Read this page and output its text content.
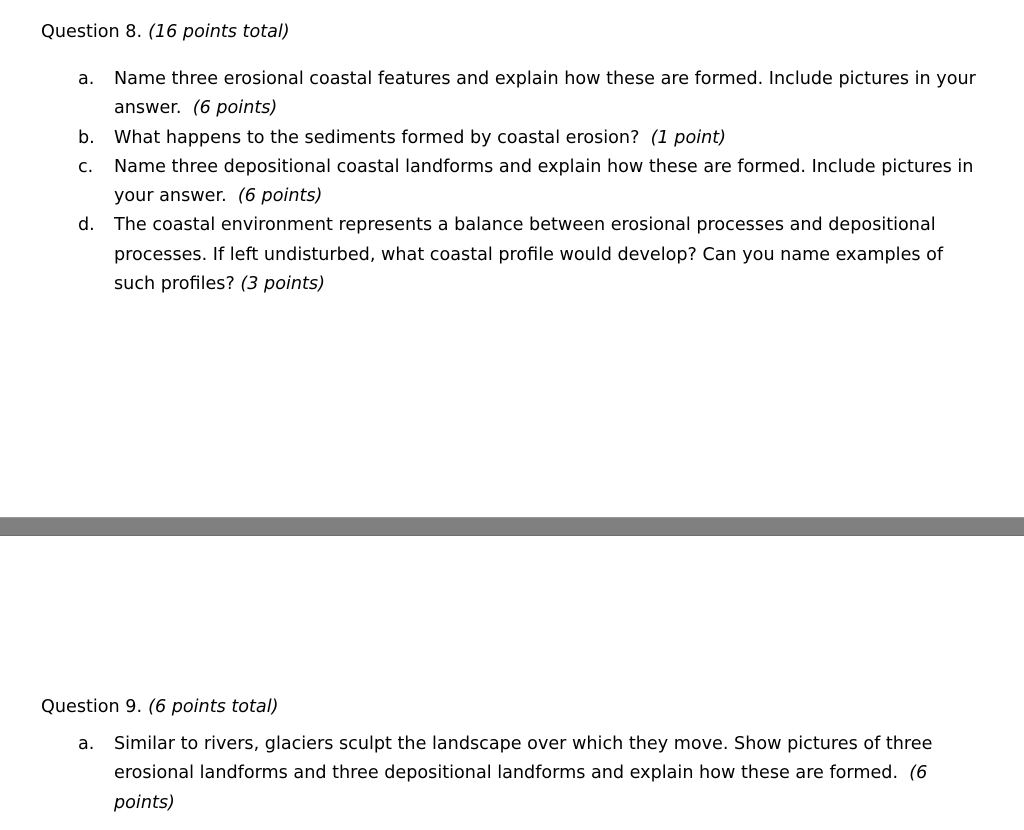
Question 8. (16 points total)
a. Name three erosional coastal features and explain how these are formed. Include pictures in your answer. (6 points)
b. What happens to the sediments formed by coastal erosion? (1 point)
c. Name three depositional coastal landforms and explain how these are formed. Include pictures in your answer. (6 points)
d. The coastal environment represents a balance between erosional processes and depositional processes. If left undisturbed, what coastal profile would develop? Can you name examples of such profiles? (3 points)
Question 9. (6 points total)
a. Similar to rivers, glaciers sculpt the landscape over which they move. Show pictures of three erosional landforms and three depositional landforms and explain how these are formed. (6 points)
